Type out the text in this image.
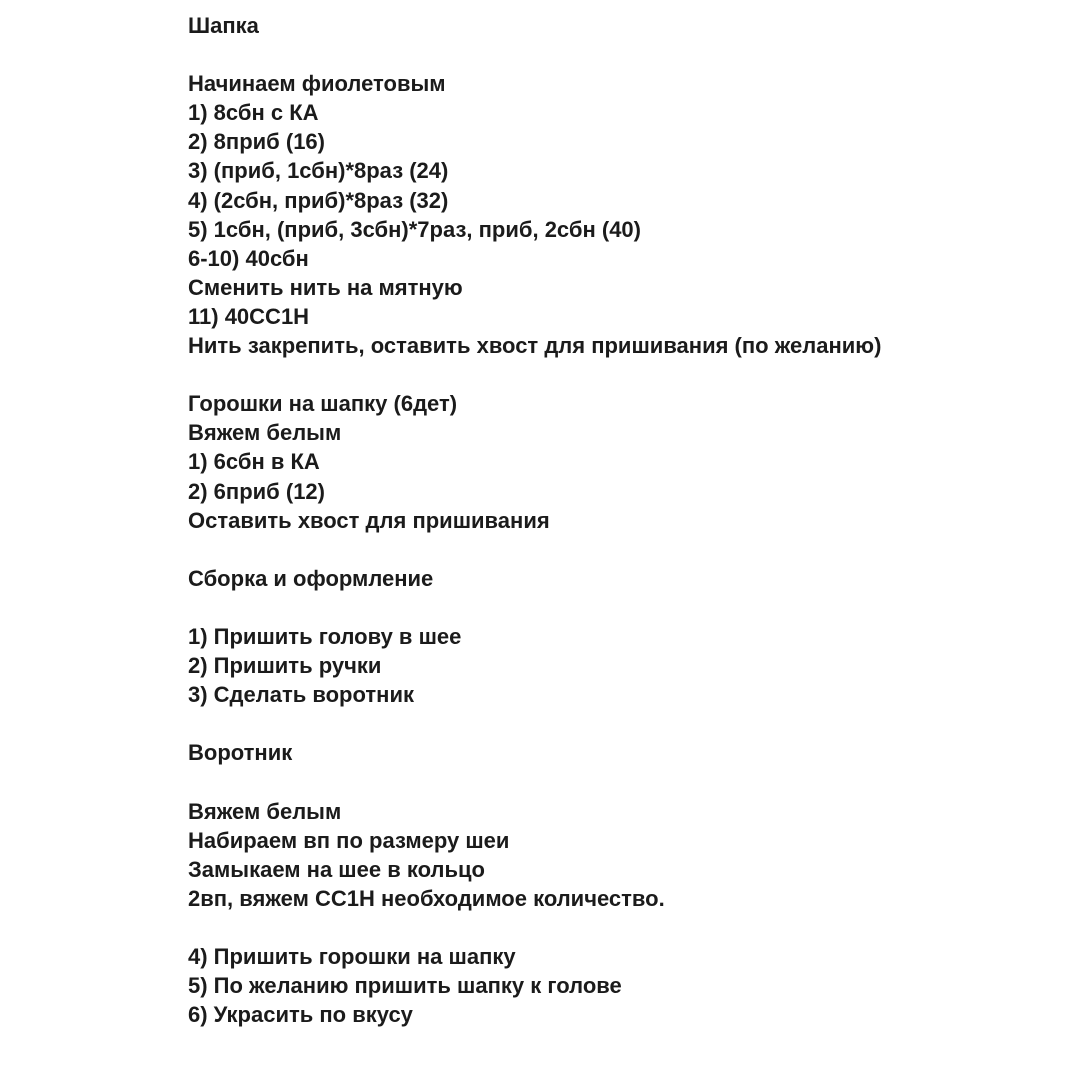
Шапка
Начинаем фиолетовым
1) 8сбн с КА
2) 8приб (16)
3) (приб, 1сбн)*8раз (24)
4) (2сбн, приб)*8раз (32)
5) 1сбн, (приб, 3сбн)*7раз, приб, 2сбн (40)
6-10) 40сбн
Сменить нить на мятную
11) 40СС1Н
Нить закрепить, оставить хвост для пришивания (по желанию)
Горошки на шапку (6дет)
Вяжем белым
1) 6сбн в КА
2) 6приб (12)
Оставить хвост для пришивания
Сборка и оформление
1) Пришить голову в шее
2) Пришить ручки
3) Сделать воротник
Воротник
Вяжем белым
Набираем вп по размеру шеи
Замыкаем на шее в кольцо
2вп, вяжем СС1Н необходимое количество.
4) Пришить горошки на шапку
5) По желанию пришить шапку к голове
6) Украсить по вкусу
